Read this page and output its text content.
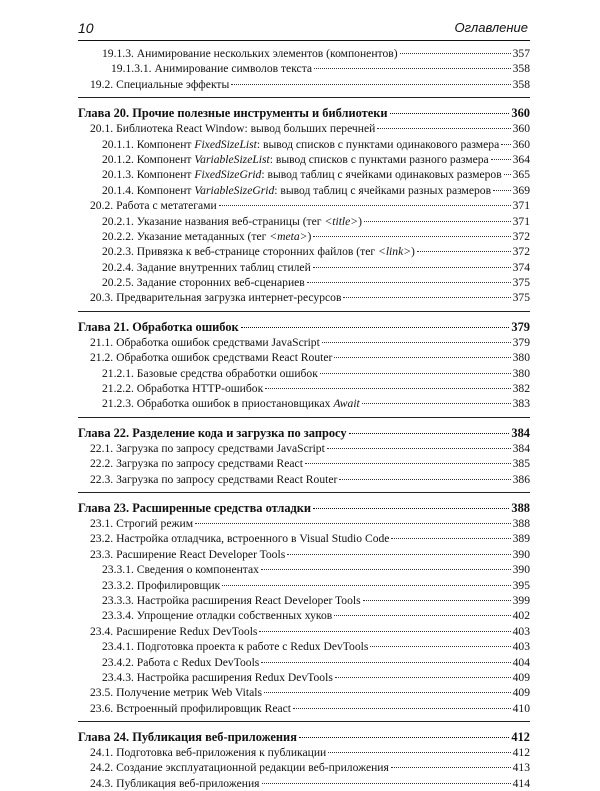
10	Оглавление
19.1.3. Анимирование нескольких элементов (компонентов)	357
19.1.3.1. Анимирование символов текста	358
19.2. Специальные эффекты	358
Глава 20. Прочие полезные инструменты и библиотеки	360
20.1. Библиотека React Window: вывод больших перечней	360
20.1.1. Компонент FixedSizeList: вывод списков с пунктами одинакового размера 360
20.1.2. Компонент VariableSizeList: вывод списков с пунктами разного размера 364
20.1.3. Компонент FixedSizeGrid: вывод таблиц с ячейками одинаковых размеров 365
20.1.4. Компонент VariableSizeGrid: вывод таблиц с ячейками разных размеров 369
20.2. Работа с метатегами	371
20.2.1. Указание названия веб-страницы (тег <title>)	371
20.2.2. Указание метаданных (тег <meta>)	372
20.2.3. Привязка к веб-странице сторонних файлов (тег <link>)	372
20.2.4. Задание внутренних таблиц стилей	374
20.2.5. Задание сторонних веб-сценариев	375
20.3. Предварительная загрузка интернет-ресурсов	375
Глава 21. Обработка ошибок	379
21.1. Обработка ошибок средствами JavaScript	379
21.2. Обработка ошибок средствами React Router	380
21.2.1. Базовые средства обработки ошибок	380
21.2.2. Обработка HTTP-ошибок	382
21.2.3. Обработка ошибок в приостановщиках Await	383
Глава 22. Разделение кода и загрузка по запросу	384
22.1. Загрузка по запросу средствами JavaScript	384
22.2. Загрузка по запросу средствами React	385
22.3. Загрузка по запросу средствами React Router	386
Глава 23. Расширенные средства отладки	388
23.1. Строгий режим	388
23.2. Настройка отладчика, встроенного в Visual Studio Code	389
23.3. Расширение React Developer Tools	390
23.3.1. Сведения о компонентах	390
23.3.2. Профилировщик	395
23.3.3. Настройка расширения React Developer Tools	399
23.3.4. Упрощение отладки собственных хуков	402
23.4. Расширение Redux DevTools	403
23.4.1. Подготовка проекта к работе с Redux DevTools	403
23.4.2. Работа с Redux DevTools	404
23.4.3. Настройка расширения Redux DevTools	409
23.5. Получение метрик Web Vitals	409
23.6. Встроенный профилировщик React	410
Глава 24. Публикация веб-приложения	412
24.1. Подготовка веб-приложения к публикации	412
24.2. Создание эксплуатационной редакции веб-приложения	413
24.3. Публикация веб-приложения	414
